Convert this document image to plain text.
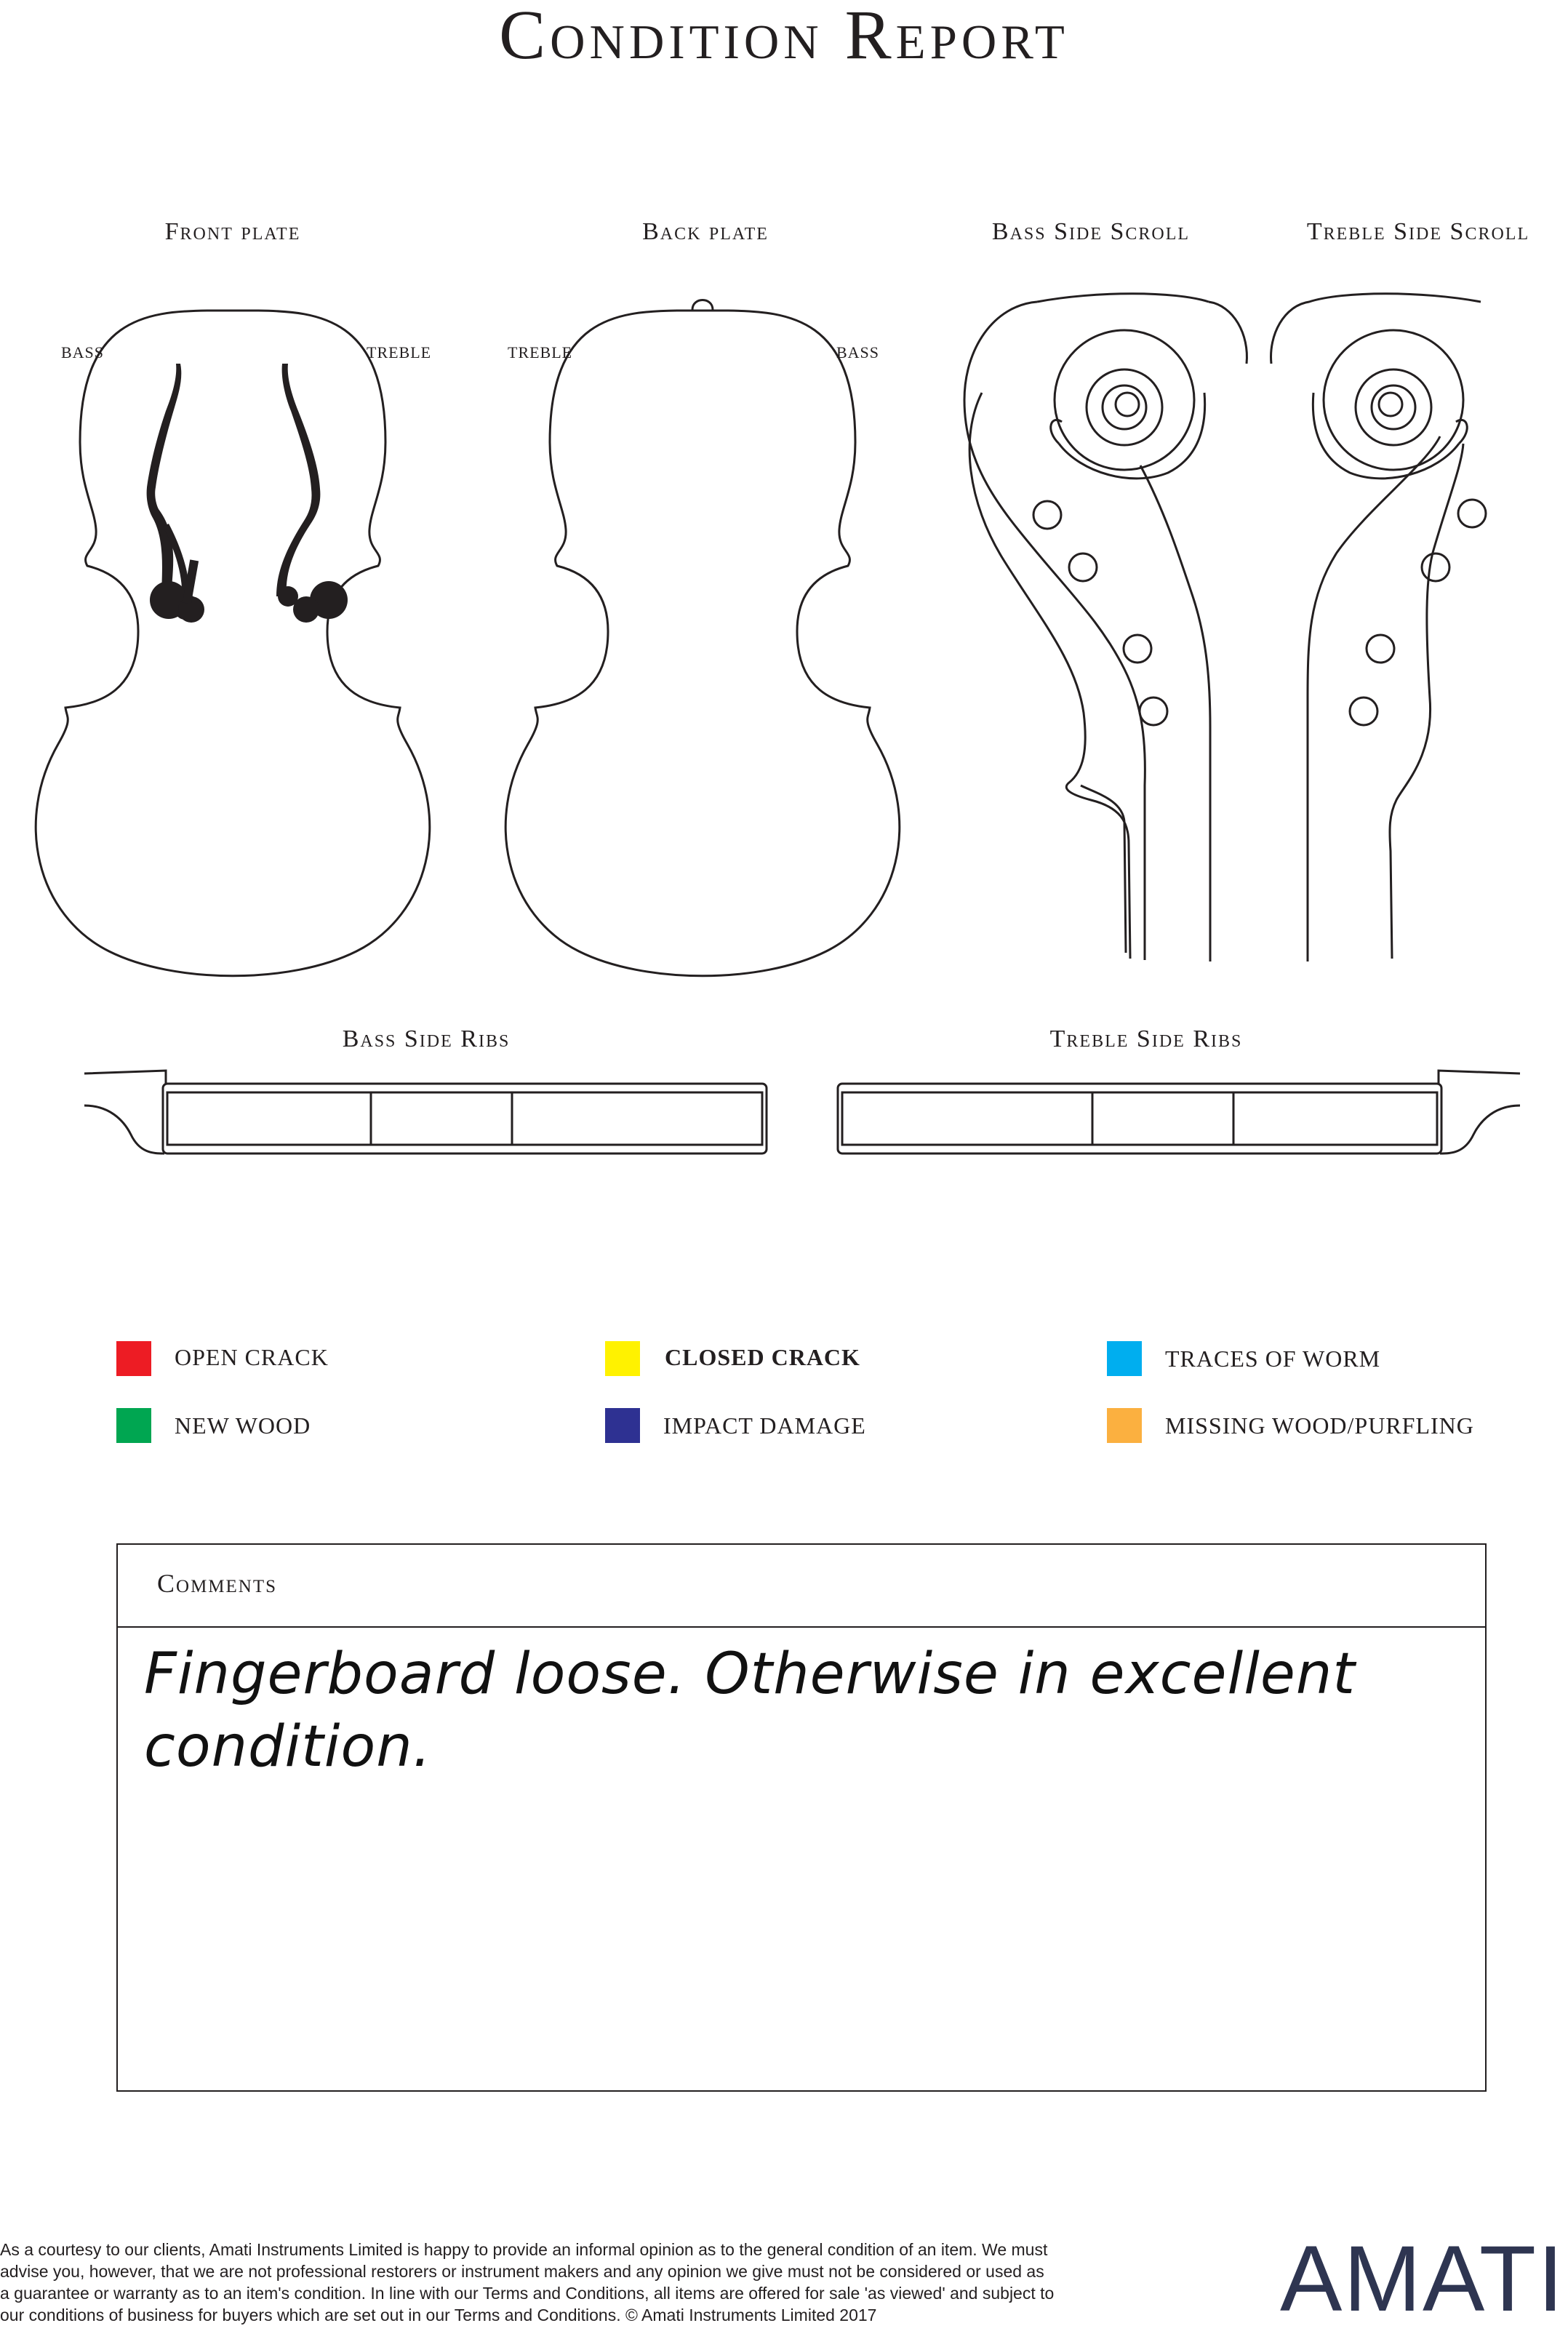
Condition Report
Front plate	Back plate	Bass Side Scroll	Treble Side Scroll
Bass Side Ribs	Treble Side Ribs
BASS	TREBLE	TREBLE	BASS
OPEN CRACK	CLOSED CRACK	TRACES OF WORM
NEW WOOD	IMPACT DAMAGE	MISSING WOOD/PURFLING
Comments
Fingerboard loose. Otherwise in excellent condition.
As a courtesy to our clients, Amati Instruments Limited is happy to provide an informal opinion as to the general condition of an item. We must
advise you, however, that we are not professional restorers or instrument makers and any opinion we give must not be considered or used as
a guarantee or warranty as to an item's condition. In line with our Terms and Conditions, all items are offered for sale 'as viewed' and subject to
our conditions of business for buyers which are set out in our Terms and Conditions. © Amati Instruments Limited 2017	AMATI
